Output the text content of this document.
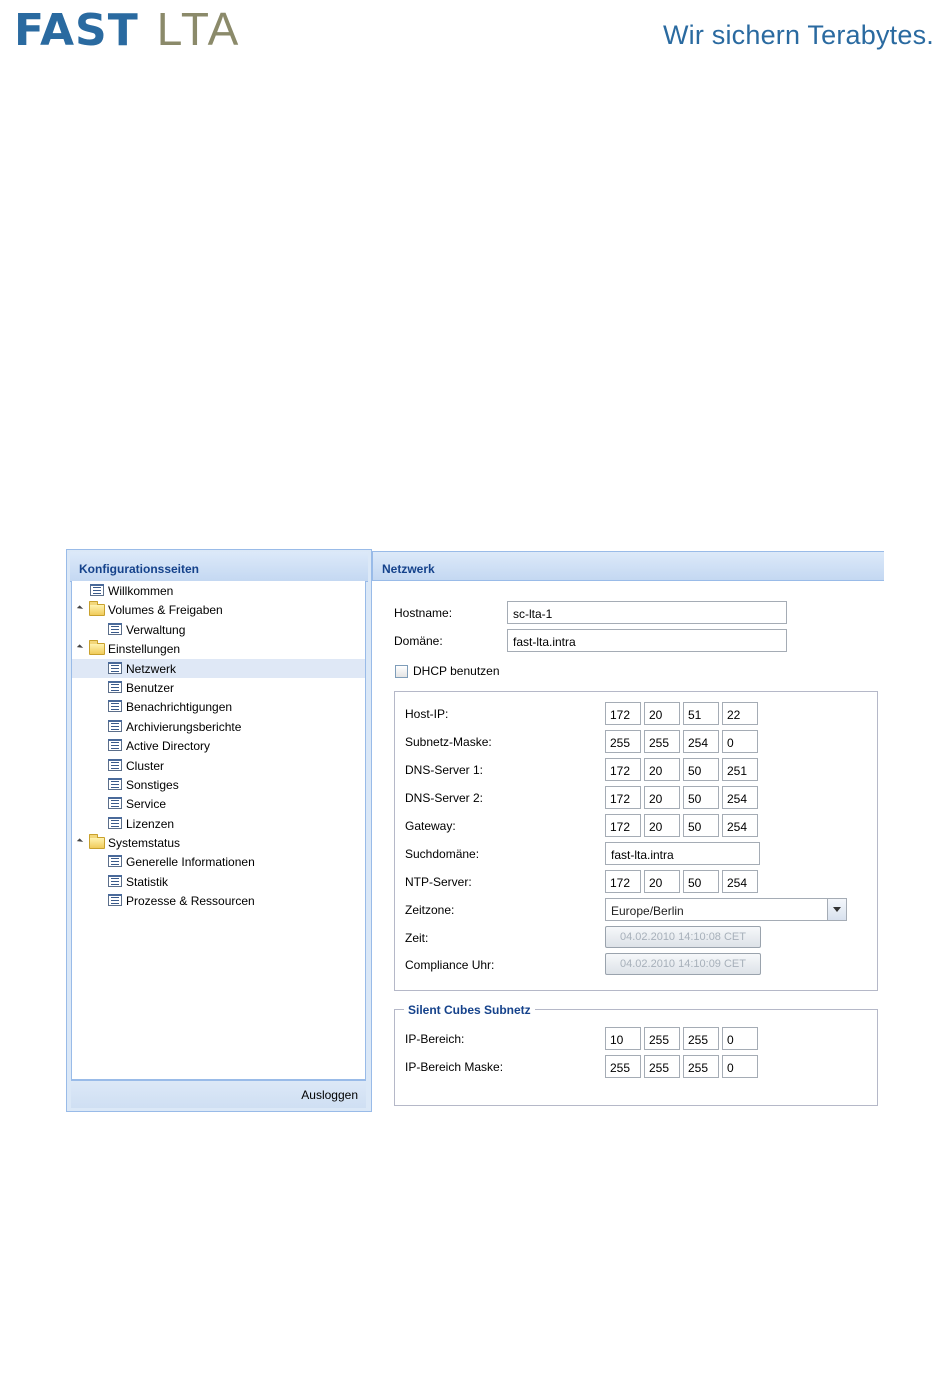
FAST LTA	Wir sichern Terabytes.
Konfigurationsseiten
Willkommen
Volumes & Freigaben
Verwaltung
Einstellungen
Netzwerk
Benutzer
Benachrichtigungen
Archivierungsberichte
Active Directory
Cluster
Sonstiges
Service
Lizenzen
Systemstatus
Generelle Informationen
Statistik
Prozesse & Ressourcen
Ausloggen
Netzwerk
Hostname:	sc-lta-1
Domäne:	fast-lta.intra
DHCP benutzen
Host-IP:	172	20	51	22
Subnetz-Maske:	255	255	254	0
DNS-Server 1:	172	20	50	251
DNS-Server 2:	172	20	50	254
Gateway:	172	20	50	254
Suchdomäne:	fast-lta.intra
NTP-Server:	172	20	50	254
Zeitzone:	Europe/Berlin
Zeit:	04.02.2010 14:10:08 CET
Compliance Uhr:	04.02.2010 14:10:09 CET
Silent Cubes Subnetz
IP-Bereich:	10	255	255	0
IP-Bereich Maske:	255	255	255	0
